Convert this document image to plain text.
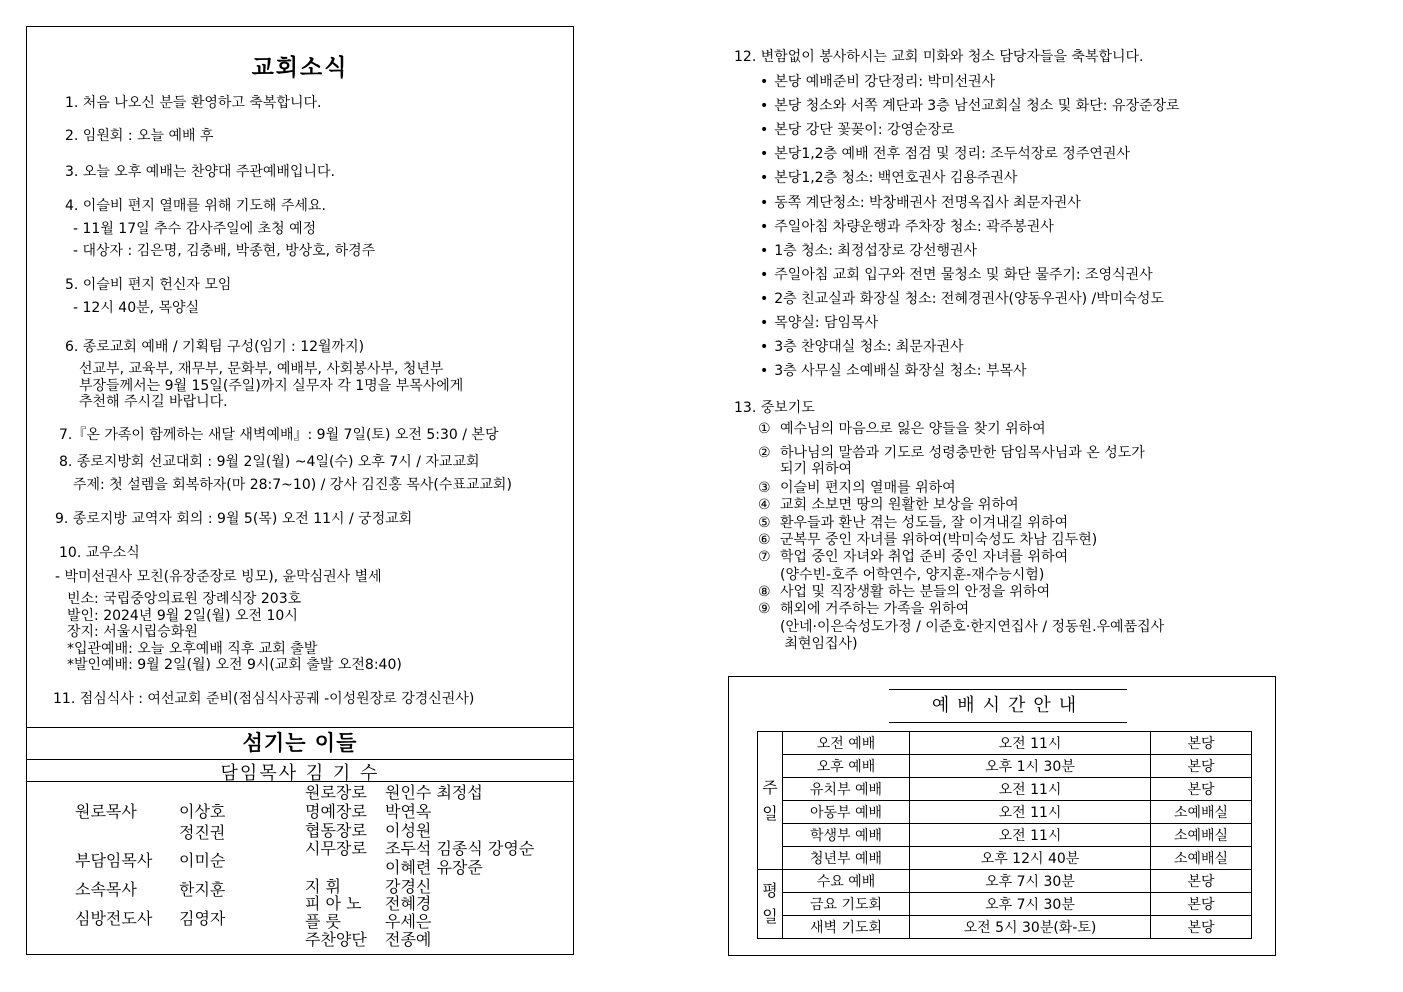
교회소식
1. 처음 나오신 분들 환영하고 축복합니다.
2. 임원회 : 오늘 예배 후
3. 오늘 오후 예배는 찬양대 주관예배입니다.
4. 이슬비 편지 열매를 위해 기도해 주세요.
- 11월 17일 추수 감사주일에 초청 예정
- 대상자 : 김은명, 김충배, 박종현, 방상호, 하경주
5. 이슬비 편지 헌신자 모임
- 12시 40분, 목양실
6. 종로교회 예배 / 기획팀 구성(임기 : 12월까지)
선교부, 교육부, 재무부, 문화부, 예배부, 사회봉사부, 청년부
부장들께서는 9월 15일(주일)까지 실무자 각 1명을 부목사에게
추천해 주시길 바랍니다.
7.『온 가족이 함께하는 새달 새벽예배』: 9월 7일(토) 오전 5:30 / 본당
8. 종로지방회 선교대회 : 9월 2일(월) ~4일(수) 오후 7시 / 자교교회
주제: 첫 설렘을 회복하자(마 28:7~10) / 강사 김진홍 목사(수표교교회)
9. 종로지방 교역자 회의 : 9월 5(목) 오전 11시 / 궁정교회
10. 교우소식
- 박미선권사 모친(유장준장로 빙모), 윤막심권사 별세
빈소: 국립중앙의료원 장례식장 203호
발인: 2024년 9월 2일(월) 오전 10시
장지: 서울시립승화원
*입관예배: 오늘 오후예배 직후 교회 출발
*발인예배: 9월 2일(월) 오전 9시(교회 출발 오전8:40)
11. 점심식사 : 여선교회 준비(점심식사공궤 -이성원장로 강경신권사)
섬기는 이들
담임목사 김 기 수
원로목사	이상호
정진권
부담임목사 이미순
소속목사	한지훈
심방전도사 김영자
원로장로 원인수 최정섭
명예장로 박연옥
협동장로 이성원
시무장로 조두석 김종식 강영순
이혜련 유장준
지 휘	강경신
피 아 노 전혜경
플 룻	우세은
주찬양단 전종예
12. 변함없이 봉사하시는 교회 미화와 청소 담당자들을 축복합니다.
• 본당 예배준비 강단정리: 박미선권사
• 본당 청소와 서쪽 계단과 3층 남선교회실 청소 및 화단: 유장준장로
• 본당 강단 꽃꽂이: 강영순장로
• 본당1,2층 예배 전후 점검 및 정리: 조두석장로 정주연권사
• 본당1,2층 청소: 백연호권사 김용주권사
• 동쪽 계단청소: 박창배권사 전명옥집사 최문자권사
• 주일아침 차량운행과 주차장 청소: 곽주봉권사
• 1층 청소: 최정섭장로 강선행권사
• 주일아침 교회 입구와 전면 물청소 및 화단 물주기: 조영식권사
• 2층 친교실과 화장실 청소: 전혜경권사(양동우권사) /박미숙성도
• 목양실: 담임목사
• 3층 찬양대실 청소: 최문자권사
• 3층 사무실 소예배실 화장실 청소: 부목사
13. 중보기도
① 예수님의 마음으로 잃은 양들을 찾기 위하여
② 하나님의 말씀과 기도로 성령충만한 담임목사님과 온 성도가
되기 위하여
③ 이슬비 편지의 열매를 위하여
④ 교회 소보면 땅의 원활한 보상을 위하여
⑤ 환우들과 환난 겪는 성도들, 잘 이겨내길 위하여
⑥ 군복무 중인 자녀를 위하여(박미숙성도 차남 김두현)
⑦ 학업 중인 자녀와 취업 준비 중인 자녀를 위하여
(양수빈-호주 어학연수, 양지훈-재수능시험)
⑧ 사업 및 직장생활 하는 분들의 안정을 위하여
⑨ 해외에 거주하는 가족을 위하여
(안네·이은숙성도가정 / 이준호·한지연집사 / 정동원.우예품집사
최현임집사)
예배시간안내
주
일	오전 예배	오전 11시	본당
	오후 예배	오후 1시 30분	본당
	유치부 예배	오전 11시	본당
	아동부 예배	오전 11시	소예배실
	학생부 예배	오전 11시	소예배실
	청년부 예배	오후 12시 40분	소예배실

평
일	수요 예배	오후 7시 30분	본당
	금요 기도회	오후 7시 30분	본당
	새벽 기도회	오전 5시 30분(화-토)	본당
